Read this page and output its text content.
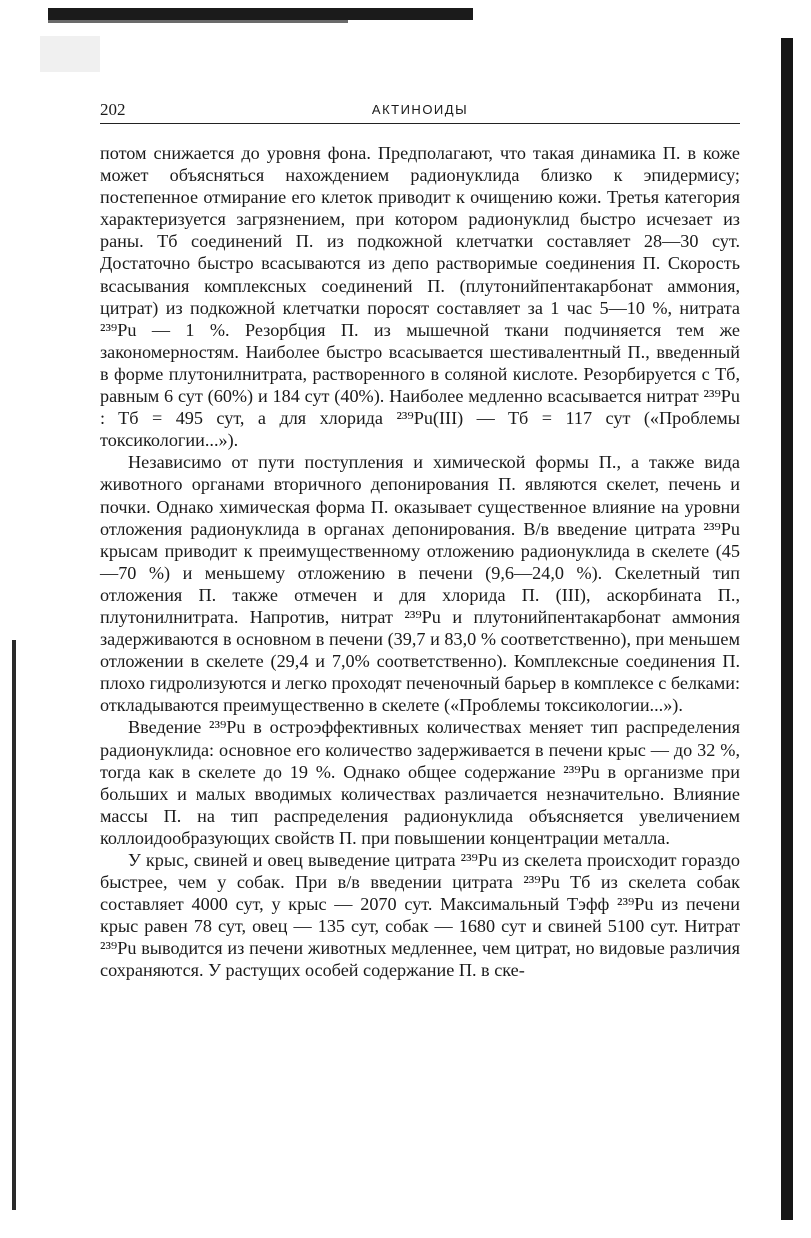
202	АКТИНОИДЫ

потом снижается до уровня фона. Предполагают, что такая динамика П. в коже может объясняться нахождением радионуклида близко к эпидермису; постепенное отмирание его клеток приводит к очищению кожи. Третья категория характеризуется загрязнением, при котором радионуклид быстро исчезает из раны. Tб соединений П. из подкожной клетчатки составляет 28—30 сут. Достаточно быстро всасываются из депо растворимые соединения П. Скорость всасывания комплексных соединений П. (плутонийпентакарбонат аммония, цитрат) из подкожной клетчатки поросят составляет за 1 час 5—10 %, нитрата ²³⁹Pu — 1 %. Резорбция П. из мышечной ткани подчиняется тем же закономерностям. Наиболее быстро всасывается шестивалентный П., введенный в форме плутонилнитрата, растворенного в соляной кислоте. Резорбируется с Tб, равным 6 сут (60%) и 184 сут (40%). Наиболее медленно всасывается нитрат ²³⁹Pu : Tб = 495 сут, а для хлорида ²³⁹Pu(III) — Tб = 117 сут («Проблемы токсикологии...»).

Независимо от пути поступления и химической формы П., а также вида животного органами вторичного депонирования П. являются скелет, печень и почки. Однако химическая форма П. оказывает существенное влияние на уровни отложения радионуклида в органах депонирования. В/в введение цитрата ²³⁹Pu крысам приводит к преимущественному отложению радионуклида в скелете (45—70 %) и меньшему отложению в печени (9,6—24,0 %). Скелетный тип отложения П. также отмечен и для хлорида П. (III), аскорбината П., плутонилнитрата. Напротив, нитрат ²³⁹Pu и плутонийпентакарбонат аммония задерживаются в основном в печени (39,7 и 83,0 % соответственно), при меньшем отложении в скелете (29,4 и 7,0% соответственно). Комплексные соединения П. плохо гидролизуются и легко проходят печеночный барьер в комплексе с белками: откладываются преимущественно в скелете («Проблемы токсикологии...»).

Введение ²³⁹Pu в остроэффективных количествах меняет тип распределения радионуклида: основное его количество задерживается в печени крыс — до 32 %, тогда как в скелете до 19 %. Однако общее содержание ²³⁹Pu в организме при больших и малых вводимых количествах различается незначительно. Влияние массы П. на тип распределения радионуклида объясняется увеличением коллоидообразующих свойств П. при повышении концентрации металла.

У крыс, свиней и овец выведение цитрата ²³⁹Pu из скелета происходит гораздо быстрее, чем у собак. При в/в введении цитрата ²³⁹Pu Tб из скелета собак составляет 4000 сут, у крыс — 2070 сут. Максимальный Tэфф ²³⁹Pu из печени крыс равен 78 сут, овец — 135 сут, собак — 1680 сут и свиней 5100 сут. Нитрат ²³⁹Pu выводится из печени животных медленнее, чем цитрат, но видовые различия сохраняются. У растущих особей содержание П. в ске-
